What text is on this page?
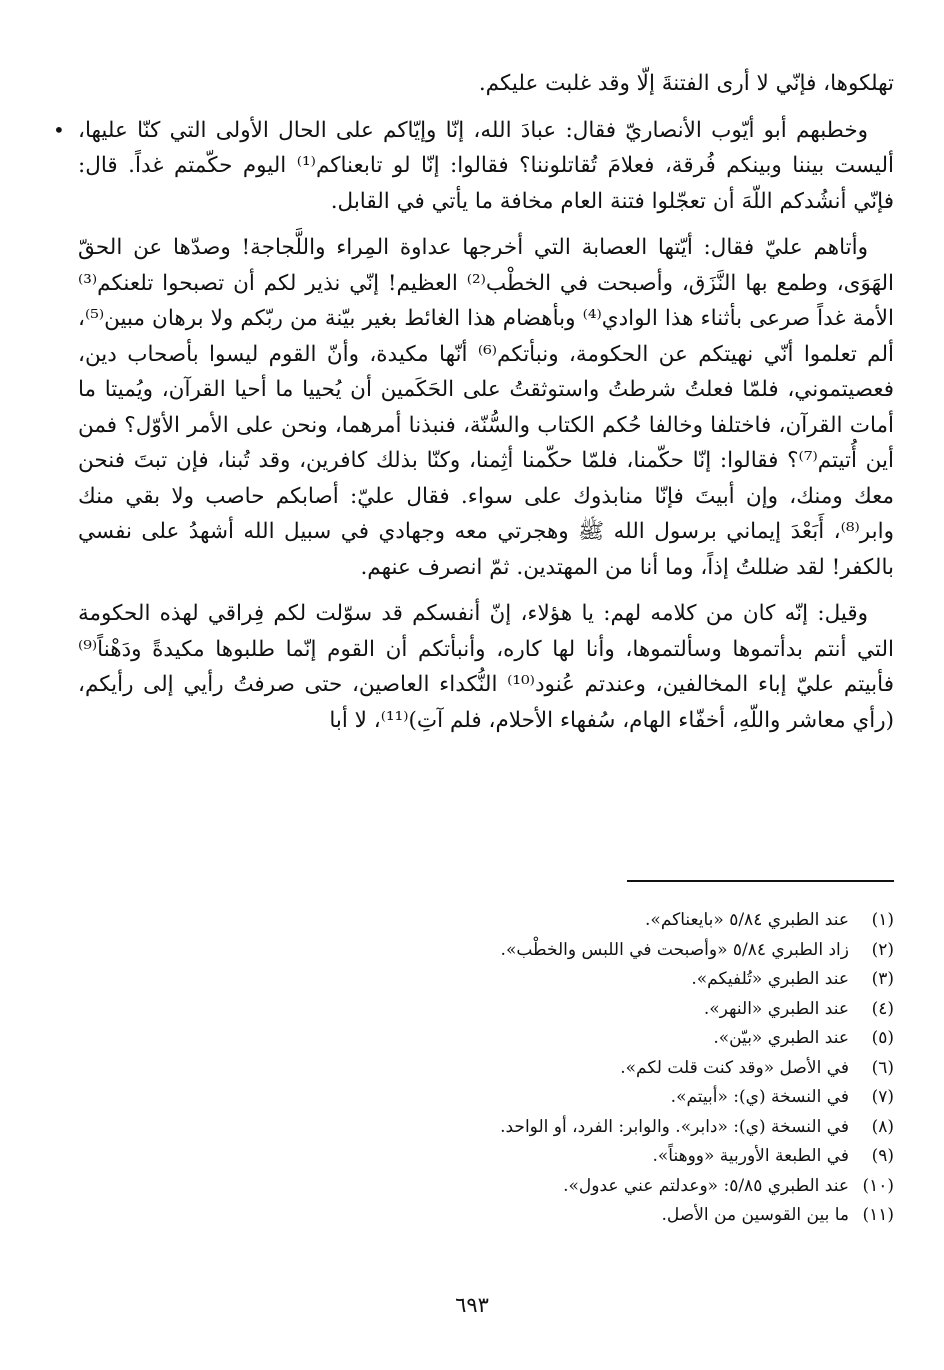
•

تهلكوها، فإنّي لا أرى الفتنةَ إلّا وقد غلبت عليكم.

وخطبهم أبو أيّوب الأنصاريّ فقال: عبادَ الله، إنّا وإيّاكم على الحال الأولى التي كنّا عليها، أليست بيننا وبينكم فُرقة، فعلامَ تُقاتلوننا؟ فقالوا: إنّا لو تابعناكم⁽¹⁾ اليوم حكّمتم غداً. قال: فإنّي أنشُدكم اللّهَ أن تعجّلوا فتنة العام مخافة ما يأتي في القابل.

وأتاهم عليّ فقال: أيّتها العصابة التي أخرجها عداوة المِراء واللَّجاجة! وصدّها عن الحقّ الهَوَى، وطمع بها النَّزَق، وأصبحت في الخطْب⁽²⁾ العظيم! إنّي نذير لكم أن تصبحوا تلعنكم⁽³⁾ الأمة غداً صرعى بأثناء هذا الوادي⁽⁴⁾ وبأهضام هذا الغائط بغير بيّنة من ربّكم ولا برهان مبين⁽⁵⁾، ألم تعلموا أنّي نهيتكم عن الحكومة، ونبأتكم⁽⁶⁾ أنّها مكيدة، وأنّ القوم ليسوا بأصحاب دين، فعصيتموني، فلمّا فعلتُ شرطتُ واستوثقتُ على الحَكَمين أن يُحييا ما أحيا القرآن، ويُميتا ما أمات القرآن، فاختلفا وخالفا حُكم الكتاب والسُّنّة، فنبذنا أمرهما، ونحن على الأمر الأوّل؟ فمن أين أُتيتم⁽⁷⁾؟ فقالوا: إنّا حكّمنا، فلمّا حكّمنا أثِمنا، وكنّا بذلك كافرين، وقد تُبنا، فإن تبتَ فنحن معك ومنك، وإن أبيتَ فإنّا منابذوك على سواء. فقال عليّ: أصابكم حاصب ولا بقي منك وابر⁽⁸⁾، أَبَعْدَ إيماني برسول الله ﷺ وهجرتي معه وجهادي في سبيل الله أشهدُ على نفسي بالكفر! لقد ضللتُ إذاً، وما أنا من المهتدين. ثمّ انصرف عنهم.

وقيل: إنّه كان من كلامه لهم: يا هؤلاء، إنّ أنفسكم قد سوّلت لكم فِراقي لهذه الحكومة التي أنتم بدأتموها وسألتموها، وأنا لها كاره، وأنبأتكم أن القوم إنّما طلبوها مكيدةً ودَهْناً⁽⁹⁾ فأبيتم عليّ إباء المخالفين، وعندتم عُنود⁽¹⁰⁾ النُّكداء العاصين، حتى صرفتُ رأيي إلى رأيكم، (رأي معاشر واللّهِ، أخفّاء الهام، سُفهاء الأحلام، فلم آتِ)⁽¹¹⁾، لا أبا

(١)
عند الطبري ٥/٨٤ «بايعناكم».
(٢)
زاد الطبري ٥/٨٤ «وأصبحت في اللبس والخطْب».
(٣)
عند الطبري «تُلفيكم».
(٤)
عند الطبري «النهر».
(٥)
عند الطبري «بيّن».
(٦)
في الأصل «وقد كنت قلت لكم».
(٧)
في النسخة (ي): «أبيتم».
(٨)
في النسخة (ي): «دابر». والوابر: الفرد، أو الواحد.
(٩)
في الطبعة الأوربية «ووهناً».
(١٠)
عند الطبري ٥/٨٥: «وعدلتم عني عدول».
(١١)
ما بين القوسين من الأصل.
٦٩٣
